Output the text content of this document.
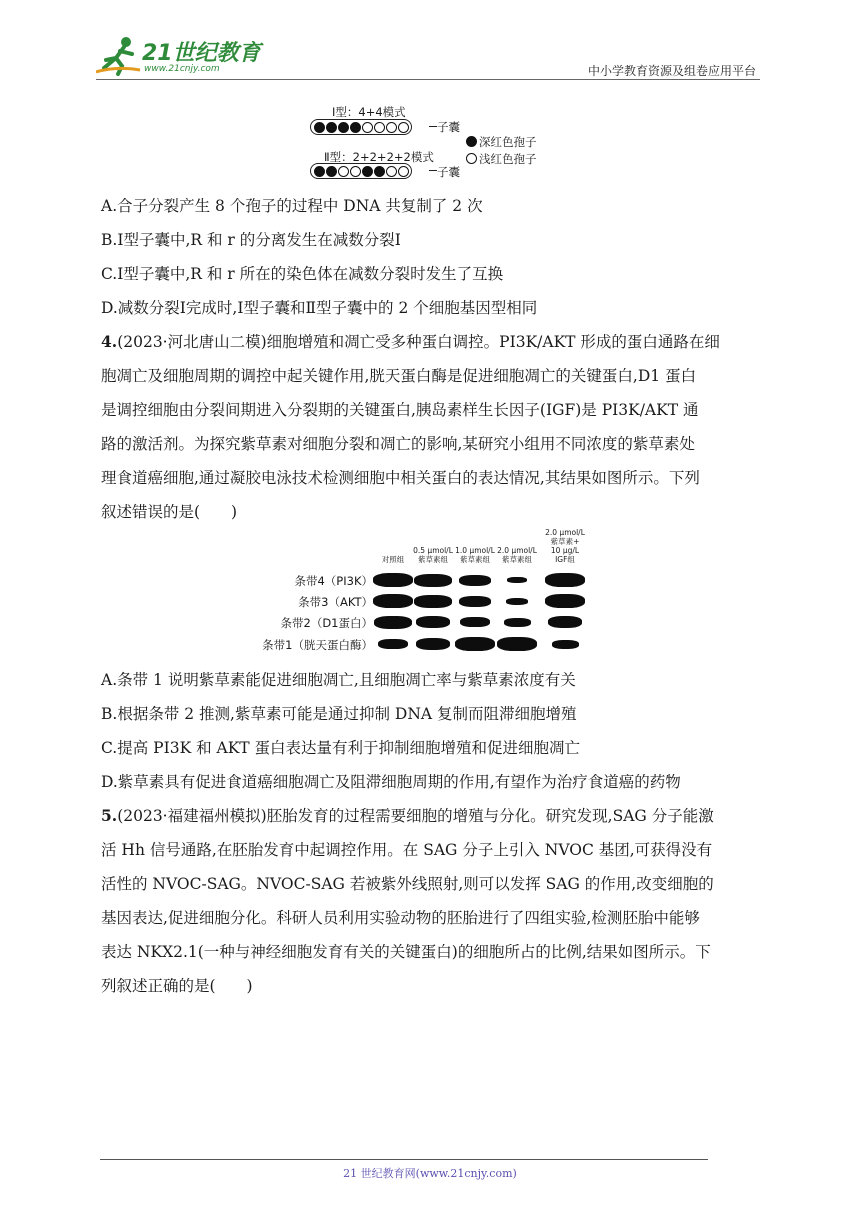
21世纪教育
www.21cnjy.com	中小学教育资源及组卷应用平台
Ⅰ型：4+4模式
子囊
深红色孢子
Ⅱ型：2+2+2+2模式	浅红色孢子
子囊
A.合子分裂产生 8 个孢子的过程中 DNA 共复制了 2 次
B.Ⅰ型子囊中,R 和 r 的分离发生在减数分裂Ⅰ
C.Ⅰ型子囊中,R 和 r 所在的染色体在减数分裂时发生了互换
D.减数分裂Ⅰ完成时,Ⅰ型子囊和Ⅱ型子囊中的 2 个细胞基因型相同
4.(2023·河北唐山二模)细胞增殖和凋亡受多种蛋白调控。PI3K/AKT 形成的蛋白通路在细
胞凋亡及细胞周期的调控中起关键作用,胱天蛋白酶是促进细胞凋亡的关键蛋白,D1 蛋白
是调控细胞由分裂间期进入分裂期的关键蛋白,胰岛素样生长因子(IGF)是 PI3K/AKT 通
路的激活剂。为探究紫草素对细胞分裂和凋亡的影响,某研究小组用不同浓度的紫草素处
理食道癌细胞,通过凝胶电泳技术检测细胞中相关蛋白的表达情况,其结果如图所示。下列
叙述错误的是(　　)
对照组
0.5 μmol/L
紫草素组
1.0 μmol/L
紫草素组
2.0 μmol/L
紫草素组
2.0 μmol/L
紫草素+
10 μg/L
IGF组
条带4（PI3K）
条带3（AKT）
条带2（D1蛋白）
条带1（胱天蛋白酶）
A.条带 1 说明紫草素能促进细胞凋亡,且细胞凋亡率与紫草素浓度有关
B.根据条带 2 推测,紫草素可能是通过抑制 DNA 复制而阻滞细胞增殖
C.提高 PI3K 和 AKT 蛋白表达量有利于抑制细胞增殖和促进细胞凋亡
D.紫草素具有促进食道癌细胞凋亡及阻滞细胞周期的作用,有望作为治疗食道癌的药物
5.(2023·福建福州模拟)胚胎发育的过程需要细胞的增殖与分化。研究发现,SAG 分子能激
活 Hh 信号通路,在胚胎发育中起调控作用。在 SAG 分子上引入 NVOC 基团,可获得没有
活性的 NVOC-SAG。NVOC-SAG 若被紫外线照射,则可以发挥 SAG 的作用,改变细胞的
基因表达,促进细胞分化。科研人员利用实验动物的胚胎进行了四组实验,检测胚胎中能够
表达 NKX2.1(一种与神经细胞发育有关的关键蛋白)的细胞所占的比例,结果如图所示。下
列叙述正确的是(　　)
21 世纪教育网(www.21cnjy.com)
